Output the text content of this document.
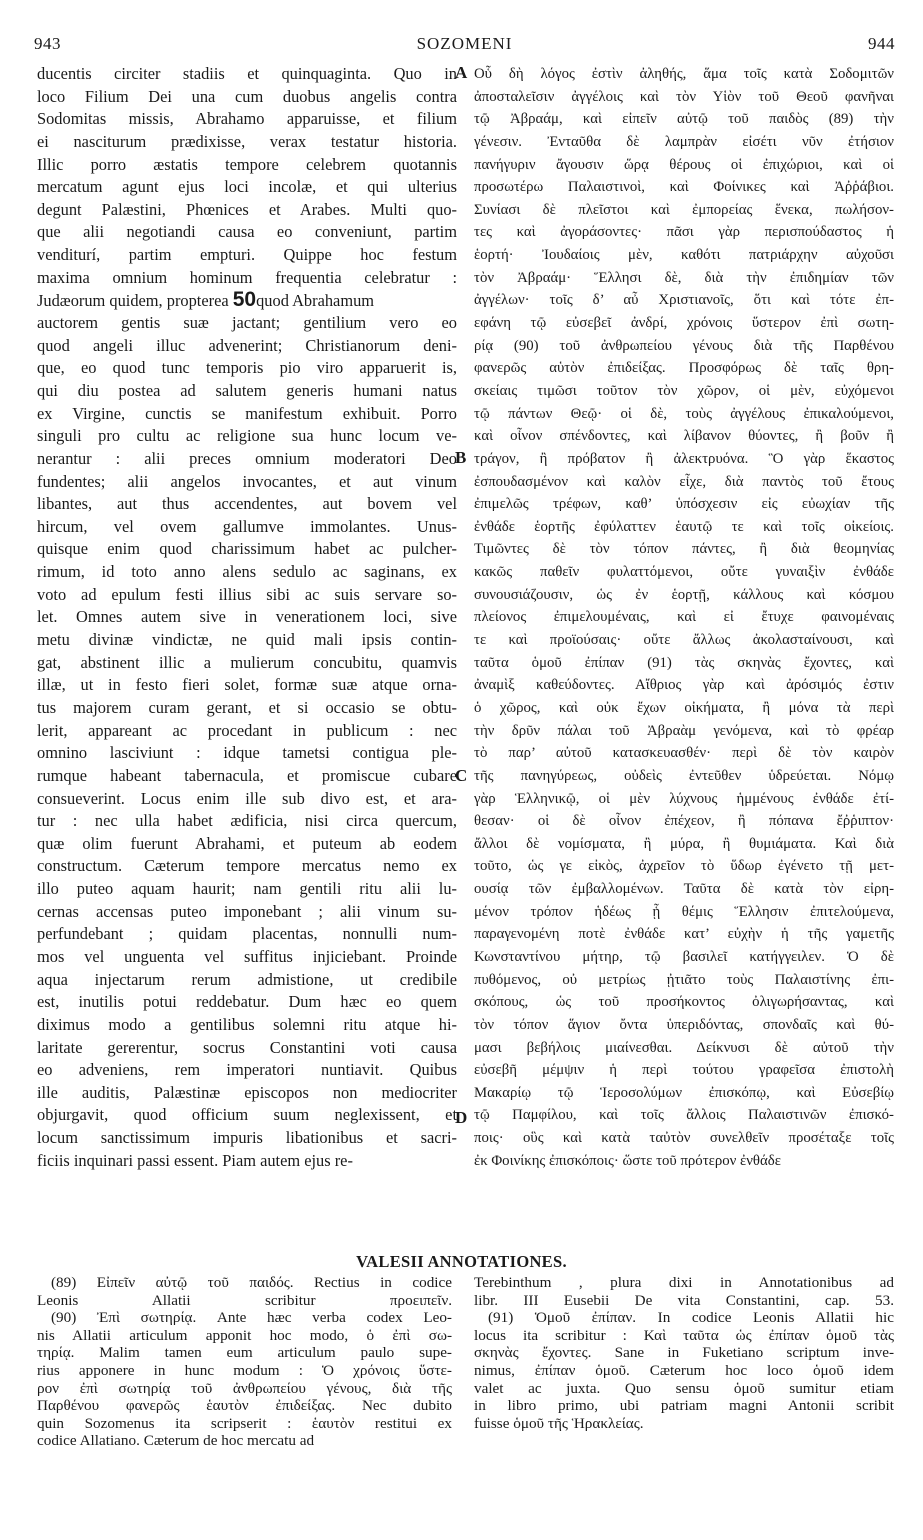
SOZOMENI
943	944
ducentis circiter stadiis et quinquaginta. Quo in
loco Filium Dei una cum duobus angelis contra
Sodomitas missis, Abrahamo apparuisse, et filium
ei nasciturum prædixisse, verax testatur historia.
Illic porro æstatis tempore celebrem quotannis
mercatum agunt ejus loci incolæ, et qui ulterius
degunt Palæstini, Phœnices et Arabes. Multi quo-
que alii negotiandi causa eo conveniunt, partim
venditurí, partim empturi. Quippe hoc festum
maxima omnium hominum frequentia celebratur :
Judæorum quidem, propterea 50quod Abrahamum
auctorem gentis suæ jactant; gentilium vero eo
quod angeli illuc advenerint; Christianorum deni-
que, eo quod tunc temporis pio viro apparuerit is,
qui diu postea ad salutem generis humani natus
ex Virgine, cunctis se manifestum exhibuit. Porro
singuli pro cultu ac religione sua hunc locum ve-
nerantur : alii preces omnium moderatori Deo
fundentes; alii angelos invocantes, et aut vinum
libantes, aut thus accendentes, aut bovem vel
hircum, vel ovem gallumve immolantes. Unus-
quisque enim quod charissimum habet ac pulcher-
rimum, id toto anno alens sedulo ac saginans, ex
voto ad epulum festi illius sibi ac suis servare so-
let. Omnes autem sive in venerationem loci, sive
metu divinæ vindictæ, ne quid mali ipsis contin-
gat, abstinent illic a mulierum concubitu, quamvis
illæ, ut in festo fieri solet, formæ suæ atque orna-
tus majorem curam gerant, et si occasio se obtu-
lerit, appareant ac procedant in publicum : nec
omnino lasciviunt : idque tametsi contigua ple-
rumque habeant tabernacula, et promiscue cubare
consueverint. Locus enim ille sub divo est, et ara-
tur : nec ulla habet ædificia, nisi circa quercum,
quæ olim fuerunt Abrahami, et puteum ab eodem
constructum. Cæterum tempore mercatus nemo ex
illo puteo aquam haurit; nam gentili ritu alii lu-
cernas accensas puteo imponebant ; alii vinum su-
perfundebant ; quidam placentas, nonnulli num-
mos vel unguenta vel suffitus injiciebant. Proinde
aqua injectarum rerum admistione, ut credibile
est, inutilis potui reddebatur. Dum hæc eo quem
diximus modo a gentilibus solemni ritu atque hi-
laritate gererentur, socrus Constantini voti causa
eo adveniens, rem imperatori nuntiavit. Quibus
ille auditis, Palæstinæ episcopos non mediocriter
objurgavit, quod officium suum neglexissent, et
locum sanctissimum impuris libationibus et sacri-
ficiis inquinari passi essent. Piam autem ejus re-
Οὗ δὴ λόγος ἐστὶν ἀληθής, ἅμα τοῖς κατὰ Σοδομιτῶν
ἀποσταλεῖσιν ἀγγέλοις καὶ τὸν Υἱὸν τοῦ Θεοῦ φανῆναι
τῷ Ἀβραάμ, καὶ εἰπεῖν αὐτῷ τοῦ παιδὸς (89) τὴν
γένεσιν. Ἐνταῦθα δὲ λαμπρὰν εἰσέτι νῦν ἐτήσιον
πανήγυριν ἄγουσιν ὥρᾳ θέρους οἱ ἐπιχώριοι, καὶ οἱ
προσωτέρω Παλαιστινοὶ, καὶ Φοίνικες καὶ Ἀῤῥάβιοι.
Συνίασι δὲ πλεῖστοι καὶ ἐμπορείας ἕνεκα, πωλήσον-
τες καὶ ἀγοράσοντες· πᾶσι γὰρ περισπούδαστος ἡ
ἑορτή· Ἰουδαίοις μὲν, καθότι πατριάρχην αὐχοῦσι
τὸν Ἀβραάμ· Ἕλλησι δὲ, διὰ τὴν ἐπιδημίαν τῶν
ἀγγέλων· τοῖς δ’ αὖ Χριστιανοῖς, ὅτι καὶ τότε ἐπ-
εφάνη τῷ εὐσεβεῖ ἀνδρί, χρόνοις ὕστερον ἐπὶ σωτη-
ρίᾳ (90) τοῦ ἀνθρωπείου γένους διὰ τῆς Παρθένου
φανερῶς αὑτὸν ἐπιδείξας. Προσφόρως δὲ ταῖς θρη-
σκείαις τιμῶσι τοῦτον τὸν χῶρον, οἱ μὲν, εὐχόμενοι
τῷ πάντων Θεῷ· οἱ δὲ, τοὺς ἀγγέλους ἐπικαλούμενοι,
καὶ οἶνον σπένδοντες, καὶ λίβανον θύοντες, ἢ βοῦν ἢ
τράγον, ἢ πρόβατον ἢ ἀλεκτρυόνα. Ὃ γὰρ ἕκαστος
ἐσπουδασμένον καὶ καλὸν εἶχε, διὰ παντὸς τοῦ ἔτους
ἐπιμελῶς τρέφων, καθ’ ὑπόσχεσιν εἰς εὐωχίαν τῆς
ἐνθάδε ἑορτῆς ἐφύλαττεν ἑαυτῷ τε καὶ τοῖς οἰκείοις.
Τιμῶντες δὲ τὸν τόπον πάντες, ἢ διὰ θεομηνίας
κακῶς παθεῖν φυλαττόμενοι, οὔτε γυναιξὶν ἐνθάδε
συνουσιάζουσιν, ὡς ἐν ἑορτῇ, κάλλους καὶ κόσμου
πλείονος ἐπιμελουμέναις, καὶ εἰ ἔτυχε φαινομέναις
τε καὶ προϊούσαις· οὔτε ἄλλως ἀκολασταίνουσι, καὶ
ταῦτα ὁμοῦ ἐπίπαν (91) τὰς σκηνὰς ἔχοντες, καὶ
ἀναμὶξ καθεύδοντες. Αἴθριος γὰρ καὶ ἀρόσιμός ἐστιν
ὁ χῶρος, καὶ οὐκ ἔχων οἰκήματα, ἢ μόνα τὰ περὶ
τὴν δρῦν πάλαι τοῦ Ἀβραὰμ γενόμενα, καὶ τὸ φρέαρ
τὸ παρ’ αὐτοῦ κατασκευασθέν· περὶ δὲ τὸν καιρὸν
τῆς πανηγύρεως, οὐδεὶς ἐντεῦθεν ὑδρεύεται. Νόμῳ
γὰρ Ἑλληνικῷ, οἱ μὲν λύχνους ἡμμένους ἐνθάδε ἐτί-
θεσαν· οἱ δὲ οἶνον ἐπέχεον, ἢ πόπανα ἔῤῥιπτον·
ἄλλοι δὲ νομίσματα, ἢ μύρα, ἢ θυμιάματα. Καὶ διὰ
τοῦτο, ὡς γε εἰκὸς, ἀχρεῖον τὸ ὕδωρ ἐγένετο τῇ μετ-
ουσίᾳ τῶν ἐμβαλλομένων. Ταῦτα δὲ κατὰ τὸν εἰρη-
μένον τρόπον ἡδέως ᾗ θέμις Ἕλλησιν ἐπιτελούμενα,
παραγενομένη ποτὲ ἐνθάδε κατ’ εὐχὴν ἡ τῆς γαμετῆς
Κωνσταντίνου μήτηρ, τῷ βασιλεῖ κατήγγειλεν. Ὁ δὲ
πυθόμενος, οὐ μετρίως ᾐτιᾶτο τοὺς Παλαιστίνης ἐπι-
σκόπους, ὡς τοῦ προσήκοντος ὀλιγωρήσαντας, καὶ
τὸν τόπον ἅγιον ὄντα ὑπεριδόντας, σπονδαῖς καὶ θύ-
μασι βεβήλοις μιαίνεσθαι. Δείκνυσι δὲ αὐτοῦ τὴν
εὐσεβῆ μέμψιν ἡ περὶ τούτου γραφεῖσα ἐπιστολὴ
Μακαρίῳ τῷ Ἱεροσολύμων ἐπισκόπῳ, καὶ Εὐσεβίῳ
τῷ Παμφίλου, καὶ τοῖς ἄλλοις Παλαιστινῶν ἐπισκό-
ποις· οὓς καὶ κατὰ ταὐτὸν συνελθεῖν προσέταξε τοῖς
ἐκ Φοινίκης ἐπισκόποις· ὥστε τοῦ πρότερον ἐνθάδε
A
B
C
D
VALESII ANNOTATIONES.
(89) Εἰπεῖν αὐτῷ τοῦ παιδός. Rectius in codice
Leonis Allatii scribitur προειπεῖν.
(90) Ἐπὶ σωτηρίᾳ. Ante hæc verba codex Leo-
nis Allatii articulum apponit hoc modo, ὁ ἐπὶ σω-
τηρίᾳ. Malim tamen eum articulum paulo supe-
rius apponere in hunc modum : Ὁ χρόνοις ὕστε-
ρον ἐπὶ σωτηρίᾳ τοῦ ἀνθρωπείου γένους, διὰ τῆς
Παρθένου φανερῶς ἑαυτὸν ἐπιδείξας. Nec dubito
quin Sozomenus ita scripserit : ἑαυτὸν restitui ex
codice Allatiano. Cæterum de hoc mercatu ad
Terebinthum , plura dixi in Annotationibus ad
libr. III Eusebii De vita Constantini, cap. 53.
(91) Ὁμοῦ ἐπίπαν. In codice Leonis Allatii hic
locus ita scribitur : Καὶ ταῦτα ὡς ἐπίπαν ὁμοῦ τὰς
σκηνὰς ἔχοντες. Sane in Fuketiano scriptum inve-
nimus, ἐπίπαν ὁμοῦ. Cæterum hoc loco ὁμοῦ idem
valet ac juxta. Quo sensu ὁμοῦ sumitur etiam
in libro primo, ubi patriam magni Antonii scribit
fuisse ὁμοῦ τῆς Ἡρακλείας.
